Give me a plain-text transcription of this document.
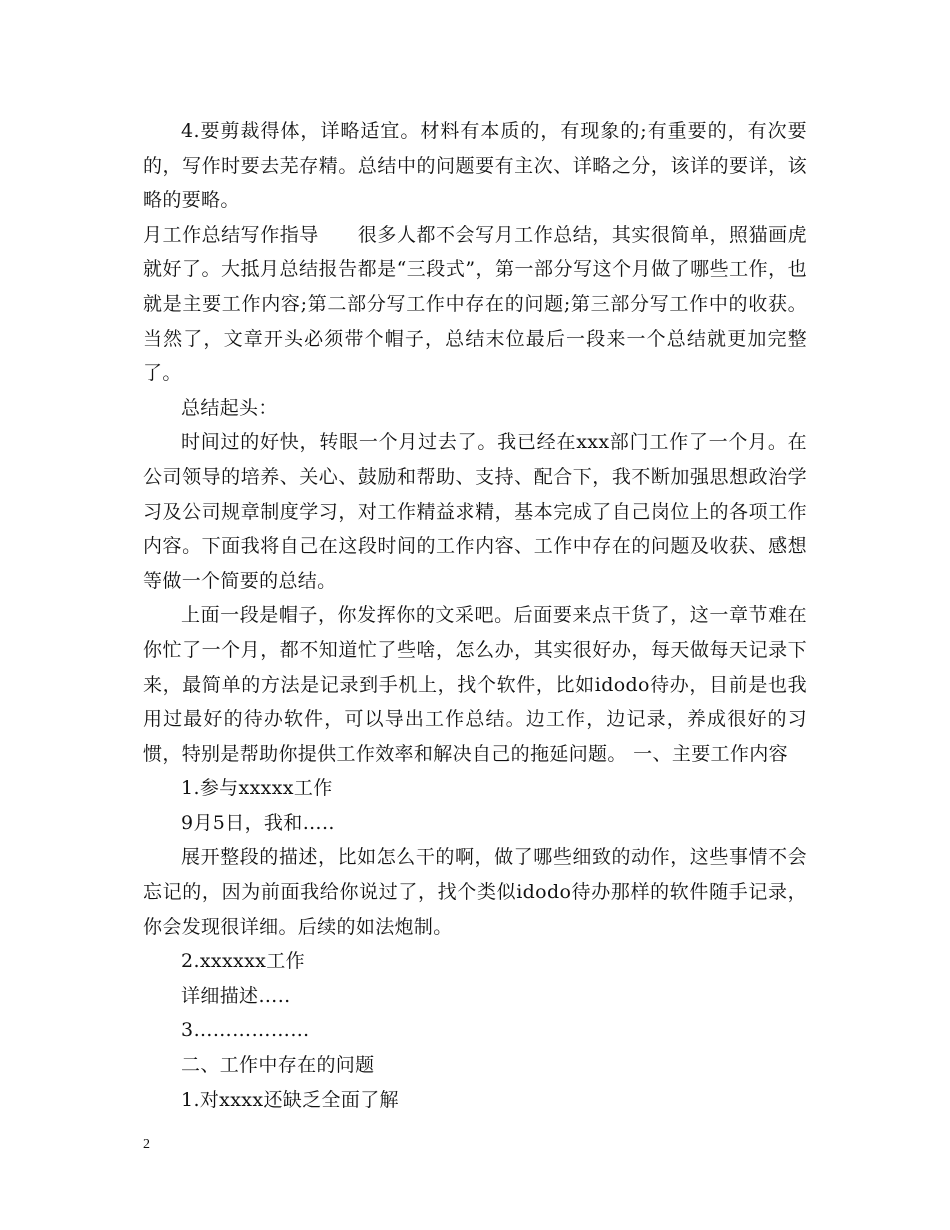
4.要剪裁得体，详略适宜。材料有本质的，有现象的;有重要的，有次要的，写作时要去芜存精。总结中的问题要有主次、详略之分，该详的要详，该略的要略。

月工作总结写作指导　　很多人都不会写月工作总结，其实很简单，照猫画虎就好了。大抵月总结报告都是“三段式”，第一部分写这个月做了哪些工作，也就是主要工作内容;第二部分写工作中存在的问题;第三部分写工作中的收获。当然了，文章开头必须带个帽子，总结末位最后一段来一个总结就更加完整了。

总结起头：

时间过的好快，转眼一个月过去了。我已经在xxx部门工作了一个月。在公司领导的培养、关心、鼓励和帮助、支持、配合下，我不断加强思想政治学习及公司规章制度学习，对工作精益求精，基本完成了自己岗位上的各项工作内容。下面我将自己在这段时间的工作内容、工作中存在的问题及收获、感想等做一个简要的总结。

上面一段是帽子，你发挥你的文采吧。后面要来点干货了，这一章节难在你忙了一个月，都不知道忙了些啥，怎么办，其实很好办，每天做每天记录下来，最简单的方法是记录到手机上，找个软件，比如idodo待办，目前是也我用过最好的待办软件，可以导出工作总结。边工作，边记录，养成很好的习惯，特别是帮助你提供工作效率和解决自己的拖延问题。 一、主要工作内容

1.参与xxxxx工作

9月5日，我和…..

展开整段的描述，比如怎么干的啊，做了哪些细致的动作，这些事情不会忘记的，因为前面我给你说过了，找个类似idodo待办那样的软件随手记录，你会发现很详细。后续的如法炮制。

2.xxxxxx工作

详细描述…..

3………………

二、工作中存在的问题

1.对xxxx还缺乏全面了解

2
